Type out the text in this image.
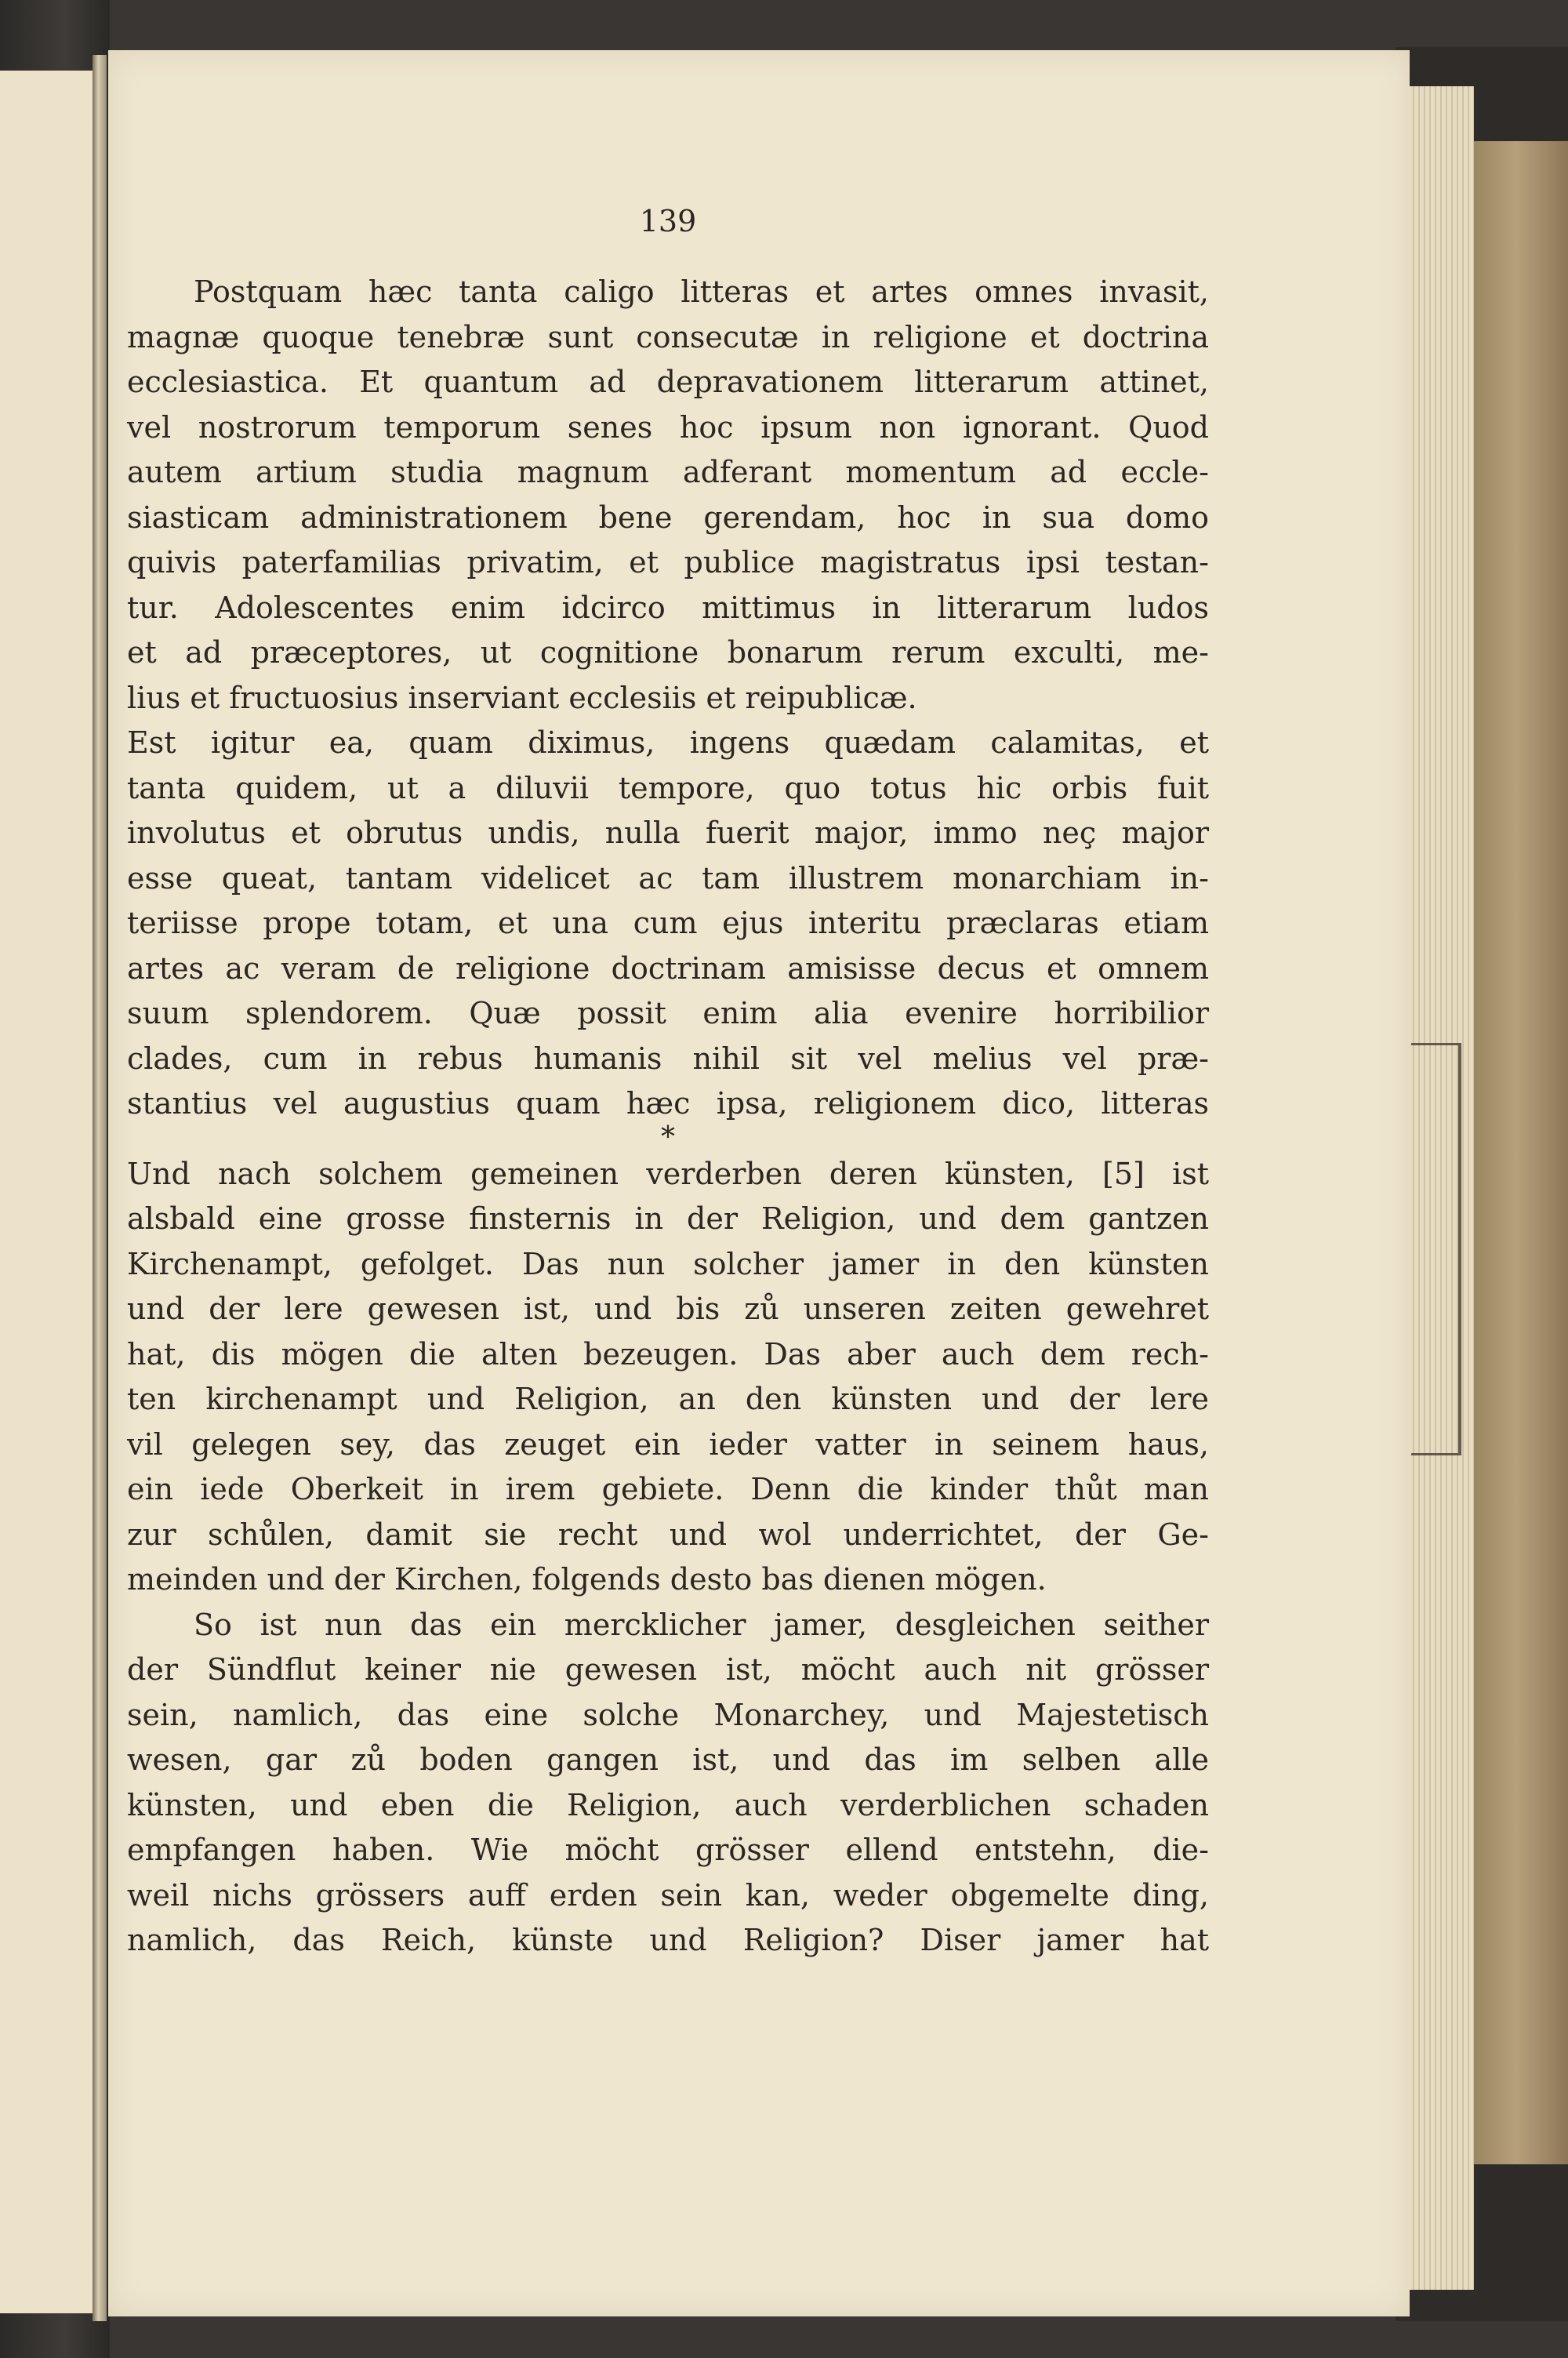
139

Postquam hæc tanta caligo litteras et artes omnes invasit,
magnæ quoque tenebræ sunt consecutæ in religione et doctrina
ecclesiastica. Et quantum ad depravationem litterarum attinet,
vel nostrorum temporum senes hoc ipsum non ignorant. Quod
autem artium studia magnum adferant momentum ad eccle-
siasticam administrationem bene gerendam, hoc in sua domo
quivis paterfamilias privatim, et publice magistratus ipsi testan-
tur. Adolescentes enim idcirco mittimus in litterarum ludos
et ad præceptores, ut cognitione bonarum rerum exculti, me-
lius et fructuosius inserviant ecclesiis et reipublicæ.

Est igitur ea, quam diximus, ingens quædam calamitas, et
tanta quidem, ut a diluvii tempore, quo totus hic orbis fuit
involutus et obrutus undis, nulla fuerit major, immo neç major
esse queat, tantam videlicet ac tam illustrem monarchiam in-
teriisse prope totam, et una cum ejus interitu præclaras etiam
artes ac veram de religione doctrinam amisisse decus et omnem
suum splendorem. Quæ possit enim alia evenire horribilior
clades, cum in rebus humanis nihil sit vel melius vel præ-
stantius vel augustius quam hæc ipsa, religionem dico, litteras

*

Und nach solchem gemeinen verderben deren künsten, [5] ist
alsbald eine grosse finsternis in der Religion, und dem gantzen
Kirchenampt, gefolget. Das nun solcher jamer in den künsten
und der lere gewesen ist, und bis zů unseren zeiten gewehret
hat, dis mögen die alten bezeugen. Das aber auch dem rech-
ten kirchenampt und Religion, an den künsten und der lere
vil gelegen sey, das zeuget ein ieder vatter in seinem haus,
ein iede Oberkeit in irem gebiete. Denn die kinder thůt man
zur schůlen, damit sie recht und wol underrichtet, der Ge-
meinden und der Kirchen, folgends desto bas dienen mögen.

So ist nun das ein mercklicher jamer, desgleichen seither
der Sündflut keiner nie gewesen ist, möcht auch nit grösser
sein, namlich, das eine solche Monarchey, und Majestetisch
wesen, gar zů boden gangen ist, und das im selben alle
künsten, und eben die Religion, auch verderblichen schaden
empfangen haben. Wie möcht grösser ellend entstehn, die-
weil nichs grössers auff erden sein kan, weder obgemelte ding,
namlich, das Reich, künste und Religion? Diser jamer hat
